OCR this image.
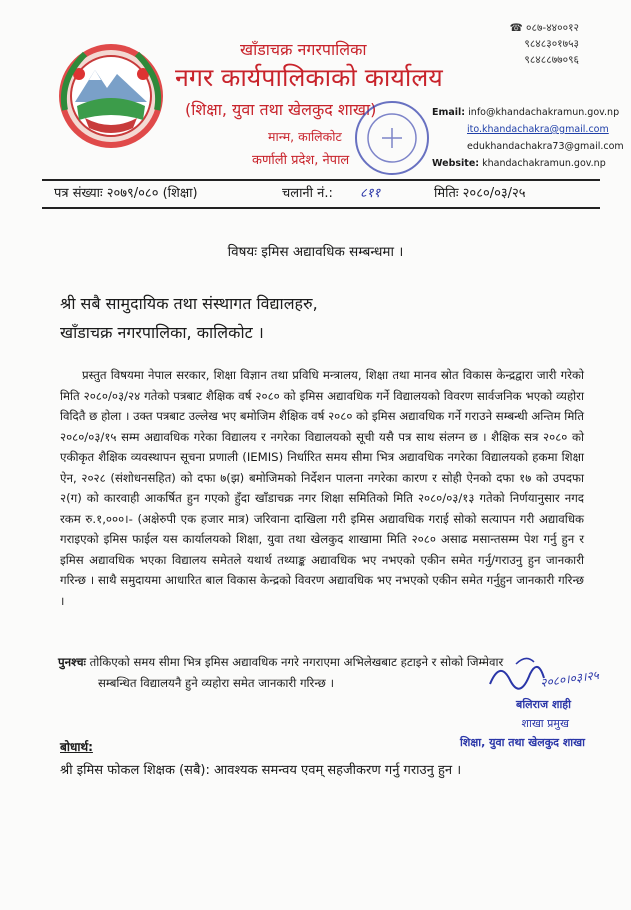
खाँडाचक्र नगरपालिका
नगर कार्यपालिकाको कार्यालय
(शिक्षा, युवा तथा खेलकुद शाखा)
मान्म, कालिकोट
कर्णाली प्रदेश, नेपाल
☎ ०८७-४४००१२
९८४८३०१७५३
९८४८८७७०९६
Email: info@khandachakramun.gov.np
ito.khandachakra@gmail.com
edukhandachakra73@gmail.com
Website: khandachakramun.gov.np
पत्र संख्याः २०७९/०८० (शिक्षा)	चलानी नं.: ८११	मितिः २०८०/०३/२५
विषयः इमिस अद्यावधिक सम्बन्धमा ।
श्री सबै सामुदायिक तथा संस्थागत विद्यालहरु,
खाँडाचक्र नगरपालिका, कालिकोट ।
प्रस्तुत विषयमा नेपाल सरकार, शिक्षा विज्ञान तथा प्रविधि मन्त्रालय, शिक्षा तथा मानव स्रोत विकास केन्द्रद्वारा जारी गरेको मिति २०८०/०३/२४ गतेको पत्रबाट शैक्षिक वर्ष २०८० को इमिस अद्यावधिक गर्ने विद्यालयको विवरण सार्वजनिक भएको व्यहोरा विदितै छ होला । उक्त पत्रबाट उल्लेख भए बमोजिम शैक्षिक वर्ष २०८० को इमिस अद्यावधिक गर्ने गराउने सम्बन्धी अन्तिम मिति २०८०/०३/१५ सम्म अद्यावधिक गरेका विद्यालय र नगरेका विद्यालयको सूची यसै पत्र साथ संलग्न छ । शैक्षिक सत्र २०८० को एकीकृत शैक्षिक व्यवस्थापन सूचना प्रणाली (IEMIS) निर्धारित समय सीमा भित्र अद्यावधिक नगरेका विद्यालयको हकमा शिक्षा ऐन, २०२८ (संशोधनसहित) को दफा ७(झ) बमोजिमको निर्देशन पालना नगरेका कारण र सोही ऐनको दफा १७ को उपदफा २(ग) को कारवाही आकर्षित हुन गएको हुँदा खाँडाचक्र नगर शिक्षा समितिको मिति २०८०/०३/१३ गतेको निर्णयानुसार नगद रकम रु.१,०००।- (अक्षेरुपी एक हजार मात्र) जरिवाना दाखिला गरी इमिस अद्यावधिक गराई सोको सत्यापन गरी अद्यावधिक गराइएको इमिस फाईल यस कार्यालयको शिक्षा, युवा तथा खेलकुद शाखामा मिति २०८० असाढ मसान्तसम्म पेश गर्नु हुन र इमिस अद्यावधिक भएका विद्यालय समेतले यथार्थ तथ्याङ्क अद्यावधिक भए नभएको एकीन समेत गर्नु/गराउनु हुन जानकारी गरिन्छ । साथै समुदायमा आधारित बाल विकास केन्द्रको विवरण अद्यावधिक भए नभएको एकीन समेत गर्नुहुन जानकारी गरिन्छ ।
पुनश्चः तोकिएको समय सीमा भित्र इमिस अद्यावधिक नगरे नगराएमा अभिलेखबाट हटाइने र सोको जिम्मेवार
सम्बन्धित विद्यालयनै हुने व्यहोरा समेत जानकारी गरिन्छ ।	२०८०।०३।२५
बलिराज शाही
शाखा प्रमुख
शिक्षा, युवा तथा खेलकुद शाखा
बोधार्थ:
श्री इमिस फोकल शिक्षक (सबै): आवश्यक समन्वय एवम् सहजीकरण गर्नु गराउनु हुन ।
